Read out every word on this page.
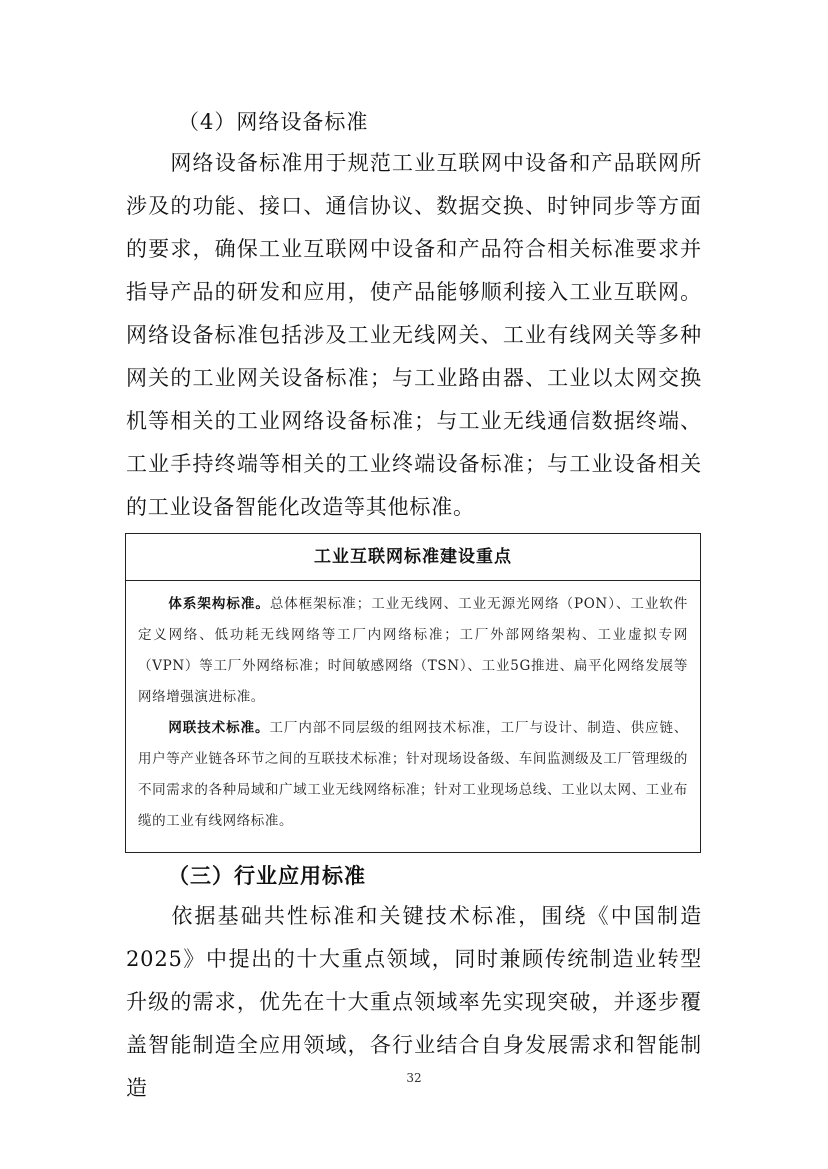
（4）网络设备标准
网络设备标准用于规范工业互联网中设备和产品联网所涉及的功能、接口、通信协议、数据交换、时钟同步等方面的要求，确保工业互联网中设备和产品符合相关标准要求并指导产品的研发和应用，使产品能够顺利接入工业互联网。网络设备标准包括涉及工业无线网关、工业有线网关等多种网关的工业网关设备标准；与工业路由器、工业以太网交换机等相关的工业网络设备标准；与工业无线通信数据终端、工业手持终端等相关的工业终端设备标准；与工业设备相关的工业设备智能化改造等其他标准。
工业互联网标准建设重点
体系架构标准。总体框架标准；工业无线网、工业无源光网络（PON）、工业软件定义网络、低功耗无线网络等工厂内网络标准；工厂外部网络架构、工业虚拟专网（VPN）等工厂外网络标准；时间敏感网络（TSN）、工业5G推进、扁平化网络发展等网络增强演进标准。
网联技术标准。工厂内部不同层级的组网技术标准，工厂与设计、制造、供应链、用户等产业链各环节之间的互联技术标准；针对现场设备级、车间监测级及工厂管理级的不同需求的各种局域和广域工业无线网络标准；针对工业现场总线、工业以太网、工业布缆的工业有线网络标准。
（三）行业应用标准
依据基础共性标准和关键技术标准，围绕《中国制造2025》中提出的十大重点领域，同时兼顾传统制造业转型升级的需求，优先在十大重点领域率先实现突破，并逐步覆盖智能制造全应用领域，各行业结合自身发展需求和智能制造	32
